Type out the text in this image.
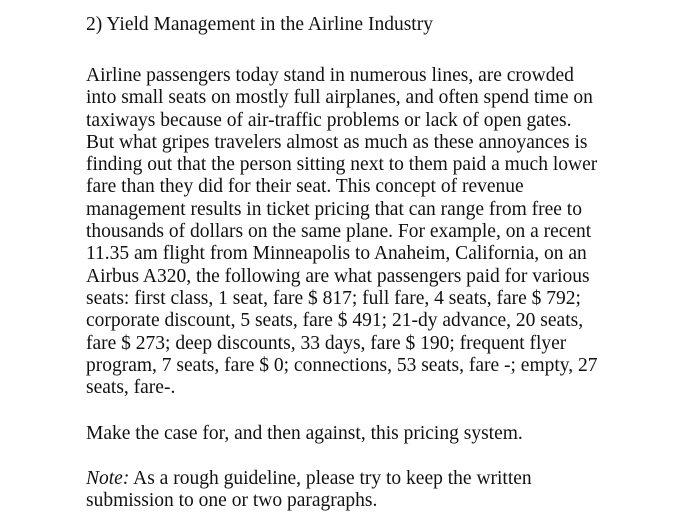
2) Yield Management in the Airline Industry

Airline passengers today stand in numerous lines, are crowded
into small seats on mostly full airplanes, and often spend time on
taxiways because of air-traffic problems or lack of open gates.
But what gripes travelers almost as much as these annoyances is
finding out that the person sitting next to them paid a much lower
fare than they did for their seat. This concept of revenue
management results in ticket pricing that can range from free to
thousands of dollars on the same plane. For example, on a recent
11.35 am flight from Minneapolis to Anaheim, California, on an
Airbus A320, the following are what passengers paid for various
seats: first class, 1 seat, fare $ 817; full fare, 4 seats, fare $ 792;
corporate discount, 5 seats, fare $ 491; 21-dy advance, 20 seats,
fare $ 273; deep discounts, 33 days, fare $ 190; frequent flyer
program, 7 seats, fare $ 0; connections, 53 seats, fare -; empty, 27
seats, fare-.

Make the case for, and then against, this pricing system.

Note: As a rough guideline, please try to keep the written
submission to one or two paragraphs.
